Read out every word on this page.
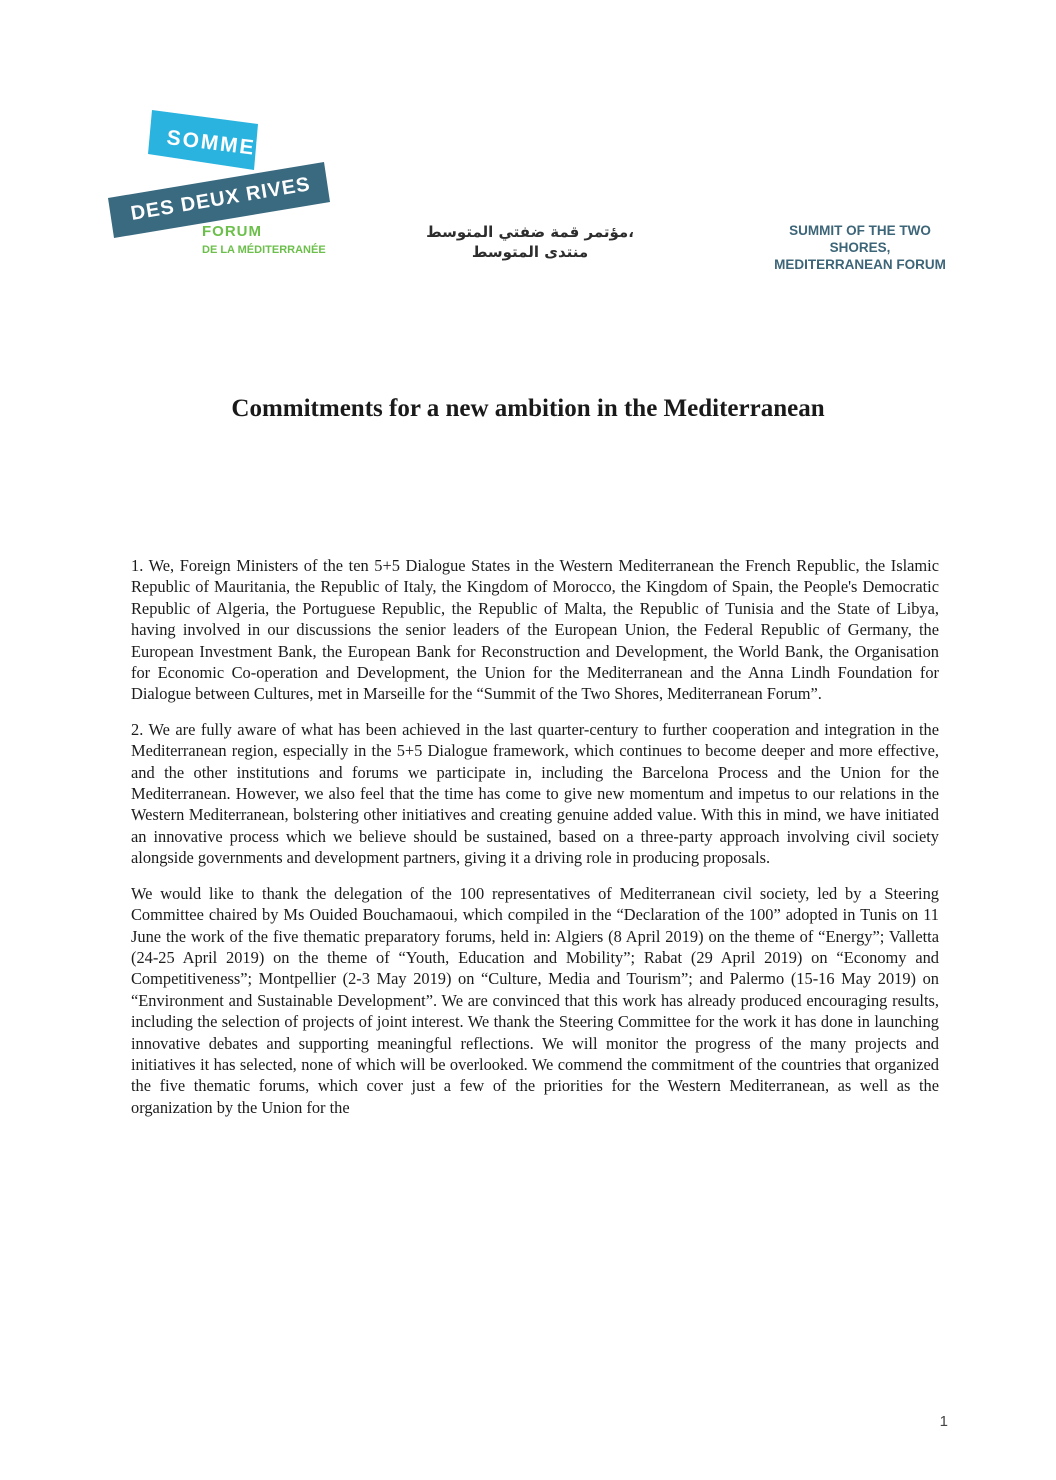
SOMMET
DES DEUX RIVES
FORUM
DE LA MÉDITERRANÉE
،مؤتمر قمة ضفتي المتوسط
منتدى المتوسط
SUMMIT OF THE TWO SHORES,
MEDITERRANEAN FORUM
Commitments for a new ambition in the Mediterranean

1. We, Foreign Ministers of the ten 5+5 Dialogue States in the Western Mediterranean the French Republic, the Islamic Republic of Mauritania, the Republic of Italy, the Kingdom of Morocco, the Kingdom of Spain, the People's Democratic Republic of Algeria, the Portuguese Republic, the Republic of Malta, the Republic of Tunisia and the State of Libya, having involved in our discussions the senior leaders of the European Union, the Federal Republic of Germany, the European Investment Bank, the European Bank for Reconstruction and Development, the World Bank, the Organisation for Economic Co-operation and Development, the Union for the Mediterranean and the Anna Lindh Foundation for Dialogue between Cultures, met in Marseille for the “Summit of the Two Shores, Mediterranean Forum”.

2. We are fully aware of what has been achieved in the last quarter-century to further cooperation and integration in the Mediterranean region, especially in the 5+5 Dialogue framework, which continues to become deeper and more effective, and the other institutions and forums we participate in, including the Barcelona Process and the Union for the Mediterranean. However, we also feel that the time has come to give new momentum and impetus to our relations in the Western Mediterranean, bolstering other initiatives and creating genuine added value. With this in mind, we have initiated an innovative process which we believe should be sustained, based on a three-party approach involving civil society alongside governments and development partners, giving it a driving role in producing proposals.

We would like to thank the delegation of the 100 representatives of Mediterranean civil society, led by a Steering Committee chaired by Ms Ouided Bouchamaoui, which compiled in the “Declaration of the 100” adopted in Tunis on 11 June the work of the five thematic preparatory forums, held in: Algiers (8 April 2019) on the theme of “Energy”; Valletta (24-25 April 2019) on the theme of “Youth, Education and Mobility”; Rabat (29 April 2019) on “Economy and Competitiveness”; Montpellier (2-3 May 2019) on “Culture, Media and Tourism”; and Palermo (15-16 May 2019) on “Environment and Sustainable Development”. We are convinced that this work has already produced encouraging results, including the selection of projects of joint interest. We thank the Steering Committee for the work it has done in launching innovative debates and supporting meaningful reflections. We will monitor the progress of the many projects and initiatives it has selected, none of which will be overlooked. We commend the commitment of the countries that organized the five thematic forums, which cover just a few of the priorities for the Western Mediterranean, as well as the organization by the Union for the

1
